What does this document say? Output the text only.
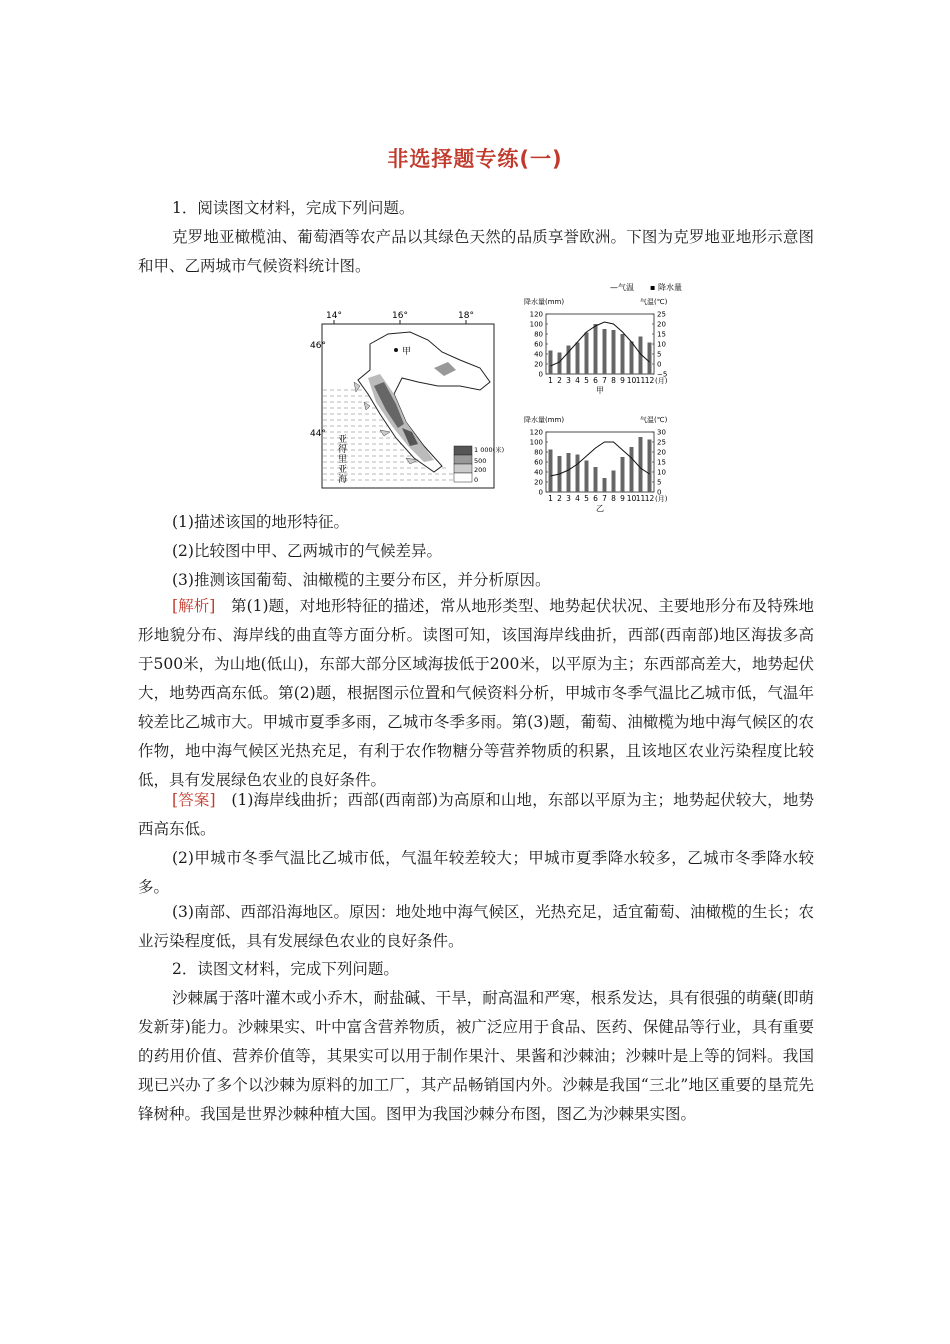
非选择题专练(一)

1．阅读图文材料，完成下列问题。

克罗地亚橄榄油、葡萄酒等农产品以其绿色天然的品质享誉欧洲。下图为克罗地亚地形示意图和甲、乙两城市气候资料统计图。

14°	16°	18°
46°
44°
甲
亚
得
里
亚
海
1 000(米)
500
200
0
—气温 ▪ 降水量
降水量(mm)	气温(℃)
120
100
80
60
40
20
0
25
20
15
10
5
0
−5
1 2 3 4 5 6 7 8 9 10 11 12 (月)
甲
降水量(mm)	气温(℃)
120
100
80
60
40
20
0
30
25
20
15
10
5
0
1 2 3 4 5 6 7 8 9 10 11 12 (月)
乙

(1)描述该国的地形特征。

(2)比较图中甲、乙两城市的气候差异。

(3)推测该国葡萄、油橄榄的主要分布区，并分析原因。

[解析]　 第(1)题，对地形特征的描述，常从地形类型、地势起伏状况、主要地形分布及特殊地形地貌分布、海岸线的曲直等方面分析。读图可知，该国海岸线曲折，西部(西南部)地区海拔多高于500米，为山地(低山)，东部大部分区域海拔低于200米，以平原为主；东西部高差大，地势起伏大，地势西高东低。第(2)题，根据图示位置和气候资料分析，甲城市冬季气温比乙城市低，气温年较差比乙城市大。甲城市夏季多雨，乙城市冬季多雨。第(3)题，葡萄、油橄榄为地中海气候区的农作物，地中海气候区光热充足，有利于农作物糖分等营养物质的积累，且该地区农业污染程度比较低，具有发展绿色农业的良好条件。

[答案]　 (1)海岸线曲折；西部(西南部)为高原和山地，东部以平原为主；地势起伏较大，地势西高东低。

(2)甲城市冬季气温比乙城市低，气温年较差较大；甲城市夏季降水较多，乙城市冬季降水较多。

(3)南部、西部沿海地区。原因：地处地中海气候区，光热充足，适宜葡萄、油橄榄的生长；农业污染程度低，具有发展绿色农业的良好条件。

2．读图文材料，完成下列问题。

沙棘属于落叶灌木或小乔木，耐盐碱、干旱，耐高温和严寒，根系发达，具有很强的萌蘖(即萌发新芽)能力。沙棘果实、叶中富含营养物质，被广泛应用于食品、医药、保健品等行业，具有重要的药用价值、营养价值等，其果实可以用于制作果汁、果酱和沙棘油；沙棘叶是上等的饲料。我国现已兴办了多个以沙棘为原料的加工厂，其产品畅销国内外。沙棘是我国“三北”地区重要的垦荒先锋树种。我国是世界沙棘种植大国。图甲为我国沙棘分布图，图乙为沙棘果实图。
